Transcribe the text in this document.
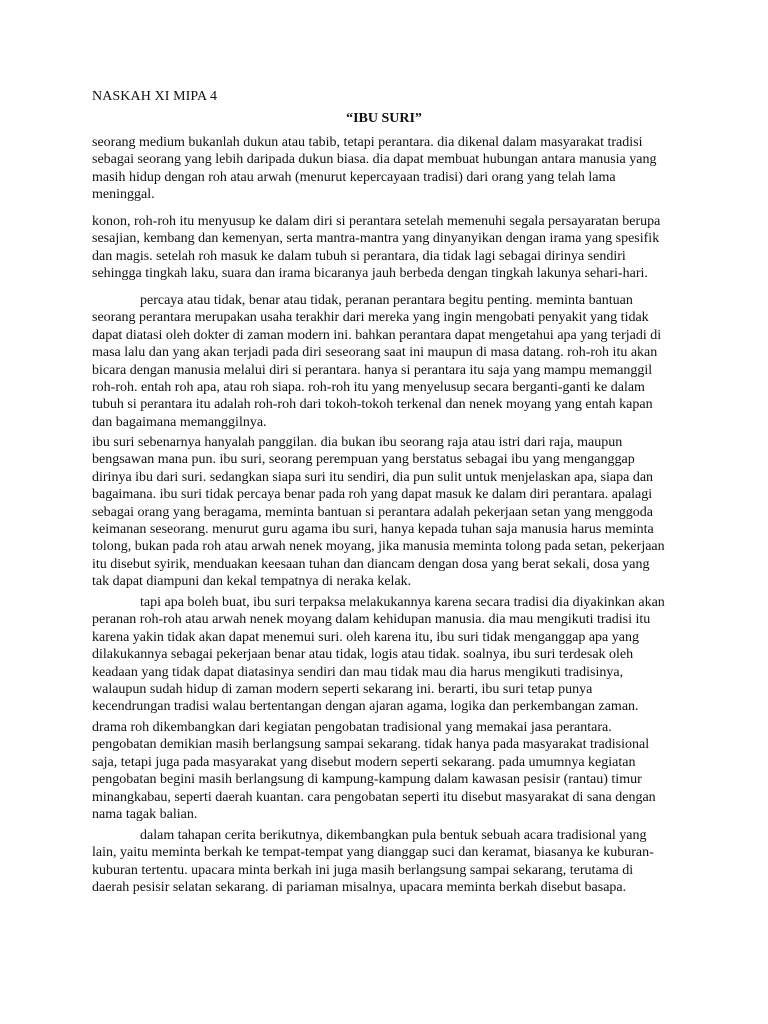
NASKAH XI MIPA 4
“IBU SURI”
seorang medium bukanlah dukun atau tabib, tetapi perantara. dia dikenal dalam masyarakat tradisi
sebagai seorang yang lebih daripada dukun biasa. dia dapat membuat hubungan antara manusia yang
masih hidup dengan roh atau arwah (menurut kepercayaan tradisi) dari orang yang telah lama
meninggal.
konon, roh-roh itu menyusup ke dalam diri si perantara setelah memenuhi segala persayaratan berupa
sesajian, kembang dan kemenyan, serta mantra-mantra yang dinyanyikan dengan irama yang spesifik
dan magis. setelah roh masuk ke dalam tubuh si perantara, dia tidak lagi sebagai dirinya sendiri
sehingga tingkah laku, suara dan irama bicaranya jauh berbeda dengan tingkah lakunya sehari-hari.
percaya atau tidak, benar atau tidak, peranan perantara begitu penting. meminta bantuan
seorang perantara merupakan usaha terakhir dari mereka yang ingin mengobati penyakit yang tidak
dapat diatasi oleh dokter di zaman modern ini. bahkan perantara dapat mengetahui apa yang terjadi di
masa lalu dan yang akan terjadi pada diri seseorang saat ini maupun di masa datang. roh-roh itu akan
bicara dengan manusia melalui diri si perantara. hanya si perantara itu saja yang mampu memanggil
roh-roh. entah roh apa, atau roh siapa. roh-roh itu yang menyelusup secara berganti-ganti ke dalam
tubuh si perantara itu adalah roh-roh dari tokoh-tokoh terkenal dan nenek moyang yang entah kapan
dan bagaimana memanggilnya.
ibu suri sebenarnya hanyalah panggilan. dia bukan ibu seorang raja atau istri dari raja, maupun
bengsawan mana pun. ibu suri, seorang perempuan yang berstatus sebagai ibu yang menganggap
dirinya ibu dari suri. sedangkan siapa suri itu sendiri, dia pun sulit untuk menjelaskan apa, siapa dan
bagaimana. ibu suri tidak percaya benar pada roh yang dapat masuk ke dalam diri perantara. apalagi
sebagai orang yang beragama, meminta bantuan si perantara adalah pekerjaan setan yang menggoda
keimanan seseorang. menurut guru agama ibu suri, hanya kepada tuhan saja manusia harus meminta
tolong, bukan pada roh atau arwah nenek moyang, jika manusia meminta tolong pada setan, pekerjaan
itu disebut syirik, menduakan keesaan tuhan dan diancam dengan dosa yang berat sekali, dosa yang
tak dapat diampuni dan kekal tempatnya di neraka kelak.
tapi apa boleh buat, ibu suri terpaksa melakukannya karena secara tradisi dia diyakinkan akan
peranan roh-roh atau arwah nenek moyang dalam kehidupan manusia. dia mau mengikuti tradisi itu
karena yakin tidak akan dapat menemui suri. oleh karena itu, ibu suri tidak menganggap apa yang
dilakukannya sebagai pekerjaan benar atau tidak, logis atau tidak. soalnya, ibu suri terdesak oleh
keadaan yang tidak dapat diatasinya sendiri dan mau tidak mau dia harus mengikuti tradisinya,
walaupun sudah hidup di zaman modern seperti sekarang ini. berarti, ibu suri tetap punya
kecendrungan tradisi walau bertentangan dengan ajaran agama, logika dan perkembangan zaman.
drama roh dikembangkan dari kegiatan pengobatan tradisional yang memakai jasa perantara.
pengobatan demikian masih berlangsung sampai sekarang. tidak hanya pada masyarakat tradisional
saja, tetapi juga pada masyarakat yang disebut modern seperti sekarang. pada umumnya kegiatan
pengobatan begini masih berlangsung di kampung-kampung dalam kawasan pesisir (rantau) timur
minangkabau, seperti daerah kuantan. cara pengobatan seperti itu disebut masyarakat di sana dengan
nama tagak balian.
dalam tahapan cerita berikutnya, dikembangkan pula bentuk sebuah acara tradisional yang
lain, yaitu meminta berkah ke tempat-tempat yang dianggap suci dan keramat, biasanya ke kuburan-
kuburan tertentu. upacara minta berkah ini juga masih berlangsung sampai sekarang, terutama di
daerah pesisir selatan sekarang. di pariaman misalnya, upacara meminta berkah disebut basapa.
